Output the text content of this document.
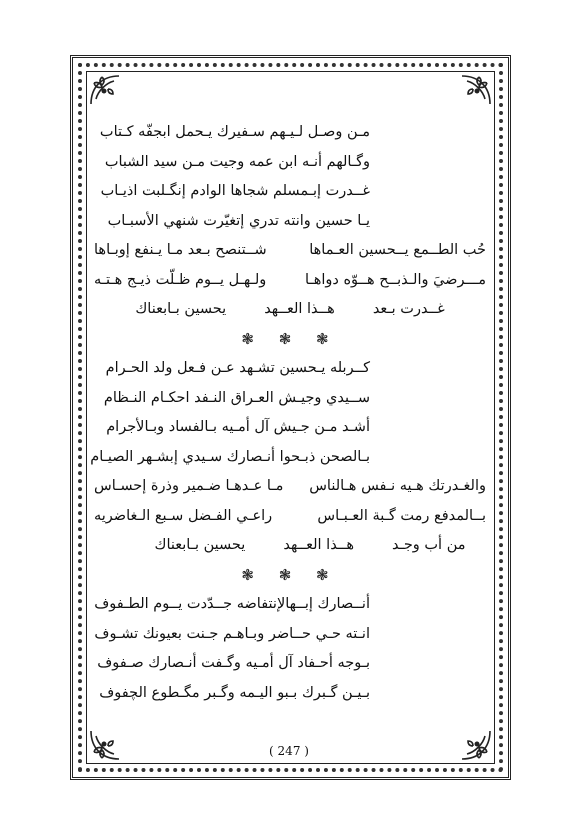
مـن وصـل لـيـهم سـفيرك يـحمل ابجفّه كـتاب
وگـالهم أنـه ابن عمه وجيت مـن سيد الشباب
غــدرت إبـمسلم شجاها الوادم إنگـلبت اذيـاب
يـا حسين وانته تدري إتغيّرت شنهي الأسبـاب
حُب الطــمع يــحسين العـماها
شــتنصح بـعد مـا يـنفع إوبـاها
مـــرضيَ والـذبــح هــوّه دواهـا
ولـهـل يــوم ظـلّت ذيـج هـتـه
غــدرت بـعد
هــذا العــهد
يحسين بـابعناك
❃ ❃ ❃
كــربله يـحسين تشـهد عـن فـعل ولد الحـرام
ســيدي وجيـش العـراق النـفد احكـام النـظام
أشـد مـن جـيش آل أمـيه بـالفساد وبـالأجرام
بـالصحن ذبـحوا أنـصارك سـيدي إبشـهر الصيـام
والغـدرتك هـيه نـفس هـالناس
مـا عـدهـا ضـمير وذرة إحسـاس
بــالمدفع رمت گـبة العـبـاس
راعـي الفـضل سـبع الـغاضريه
من أب وجـد
هــذا العــهد
يحسين بـابعناك
❃ ❃ ❃
أنــصارك إبــهالإنتفاضه جــدّدت يــوم الطـفوف
انـته حـي حــاضر وبـاهـم جـنت بعيونك تشـوف
بـوجه أحـفاد آل أمـيه وگـفت أنـصارك صـفوف
بـيـن گـبرك بـبو اليـمه وگـبر مگـطوع الچفوف
( 247 )
